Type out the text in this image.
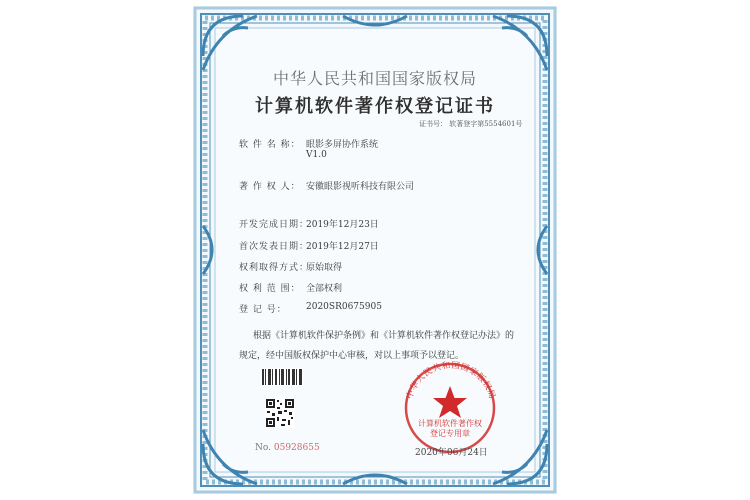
中华人民共和国国家版权局
计算机软件著作权登记证书
证书号： 软著登字第5554601号
软 件 名 称： 眼影多屏协作系统
V1.0
著 作 权 人： 安徽眼影视听科技有限公司
开发完成日期：
2019年12月23日
首次发表日期：
2019年12月27日
权利取得方式：
原始取得
权 利 范 围： 全部权利
登 记 号： 2020SR0675905
根据《计算机软件保护条例》和《计算机软件著作权登记办法》的
规定，经中国版权保护中心审核，对以上事项予以登记。
No. 05928655
中华人民共和国国家版权局
计算机软件著作权
登记专用章
2020年06月24日
